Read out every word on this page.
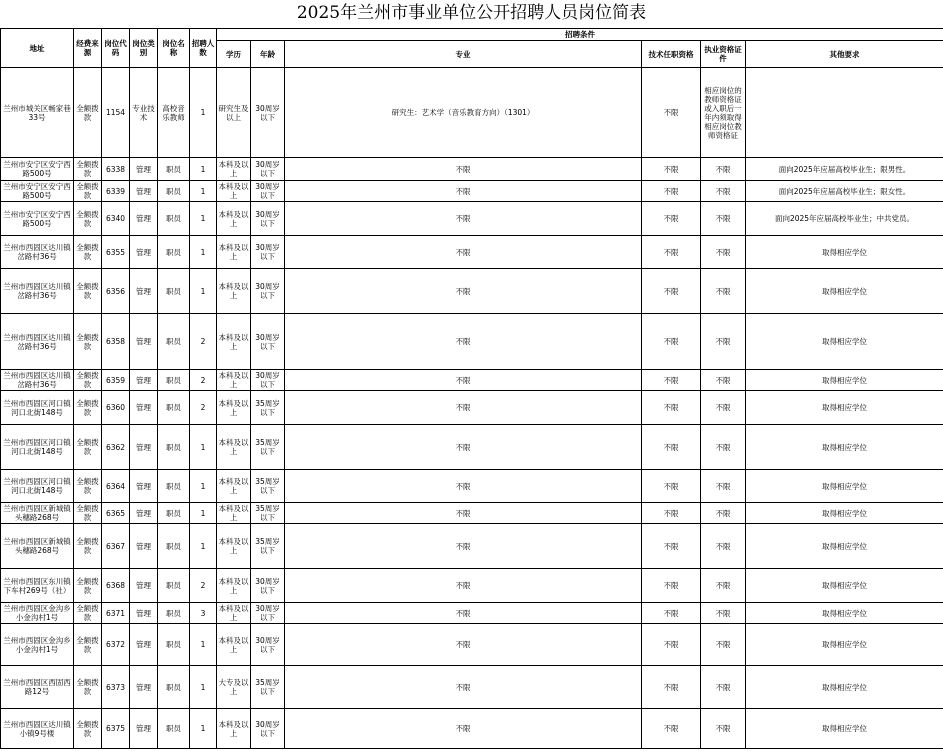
2025年兰州市事业单位公开招聘人员岗位简表
地址	经费来源	岗位代码	岗位类别	岗位名称	招聘人数	招聘条件					
						学历	年龄	专业	技术任职资格	执业资格证件	其他要求
兰州市城关区畅家巷33号	全额拨款	1154	专业技术	高校音乐教师	1	研究生及以上	30周岁以下	研究生：艺术学（音乐教育方向）（1301）	不限	相应岗位的教师资格证或入职后一年内须取得相应岗位教师资格证	
兰州市安宁区安宁西路500号	全额拨款	6338	管理	职员	1	本科及以上	30周岁以下	不限	不限	不限	面向2025年应届高校毕业生；限男性。
兰州市安宁区安宁西路500号	全额拨款	6339	管理	职员	1	本科及以上	30周岁以下	不限	不限	不限	面向2025年应届高校毕业生；限女性。
兰州市安宁区安宁西路500号	全额拨款	6340	管理	职员	1	本科及以上	30周岁以下	不限	不限	不限	面向2025年应届高校毕业生；中共党员。
兰州市西固区达川镇岔路村36号	全额拨款	6355	管理	职员	1	本科及以上	30周岁以下	不限	不限	不限	取得相应学位
兰州市西固区达川镇岔路村36号	全额拨款	6356	管理	职员	1	本科及以上	30周岁以下	不限	不限	不限	取得相应学位
兰州市西固区达川镇岔路村36号	全额拨款	6358	管理	职员	2	本科及以上	30周岁以下	不限	不限	不限	取得相应学位
兰州市西固区达川镇岔路村36号	全额拨款	6359	管理	职员	2	本科及以上	30周岁以下	不限	不限	不限	取得相应学位
兰州市西固区河口镇河口北街148号	全额拨款	6360	管理	职员	2	本科及以上	35周岁以下	不限	不限	不限	取得相应学位
兰州市西固区河口镇河口北街148号	全额拨款	6362	管理	职员	1	本科及以上	35周岁以下	不限	不限	不限	取得相应学位
兰州市西固区河口镇河口北街148号	全额拨款	6364	管理	职员	1	本科及以上	35周岁以下	不限	不限	不限	取得相应学位
兰州市西固区新城镇头穗路268号	全额拨款	6365	管理	职员	1	本科及以上	35周岁以下	不限	不限	不限	取得相应学位
兰州市西固区新城镇头穗路268号	全额拨款	6367	管理	职员	1	本科及以上	35周岁以下	不限	不限	不限	取得相应学位
兰州市西固区东川镇下车村269号（社）	全额拨款	6368	管理	职员	2	本科及以上	30周岁以下	不限	不限	不限	取得相应学位
兰州市西固区金沟乡小金沟村1号	全额拨款	6371	管理	职员	3	本科及以上	30周岁以下	不限	不限	不限	取得相应学位
兰州市西固区金沟乡小金沟村1号	全额拨款	6372	管理	职员	1	本科及以上	30周岁以下	不限	不限	不限	取得相应学位
兰州市西固区西固西路12号	全额拨款	6373	管理	职员	1	大专及以上	35周岁以下	不限	不限	不限	取得相应学位
兰州市西固区达川镇小镇9号楼	全额拨款	6375	管理	职员	1	本科及以上	30周岁以下	不限	不限	不限	取得相应学位
